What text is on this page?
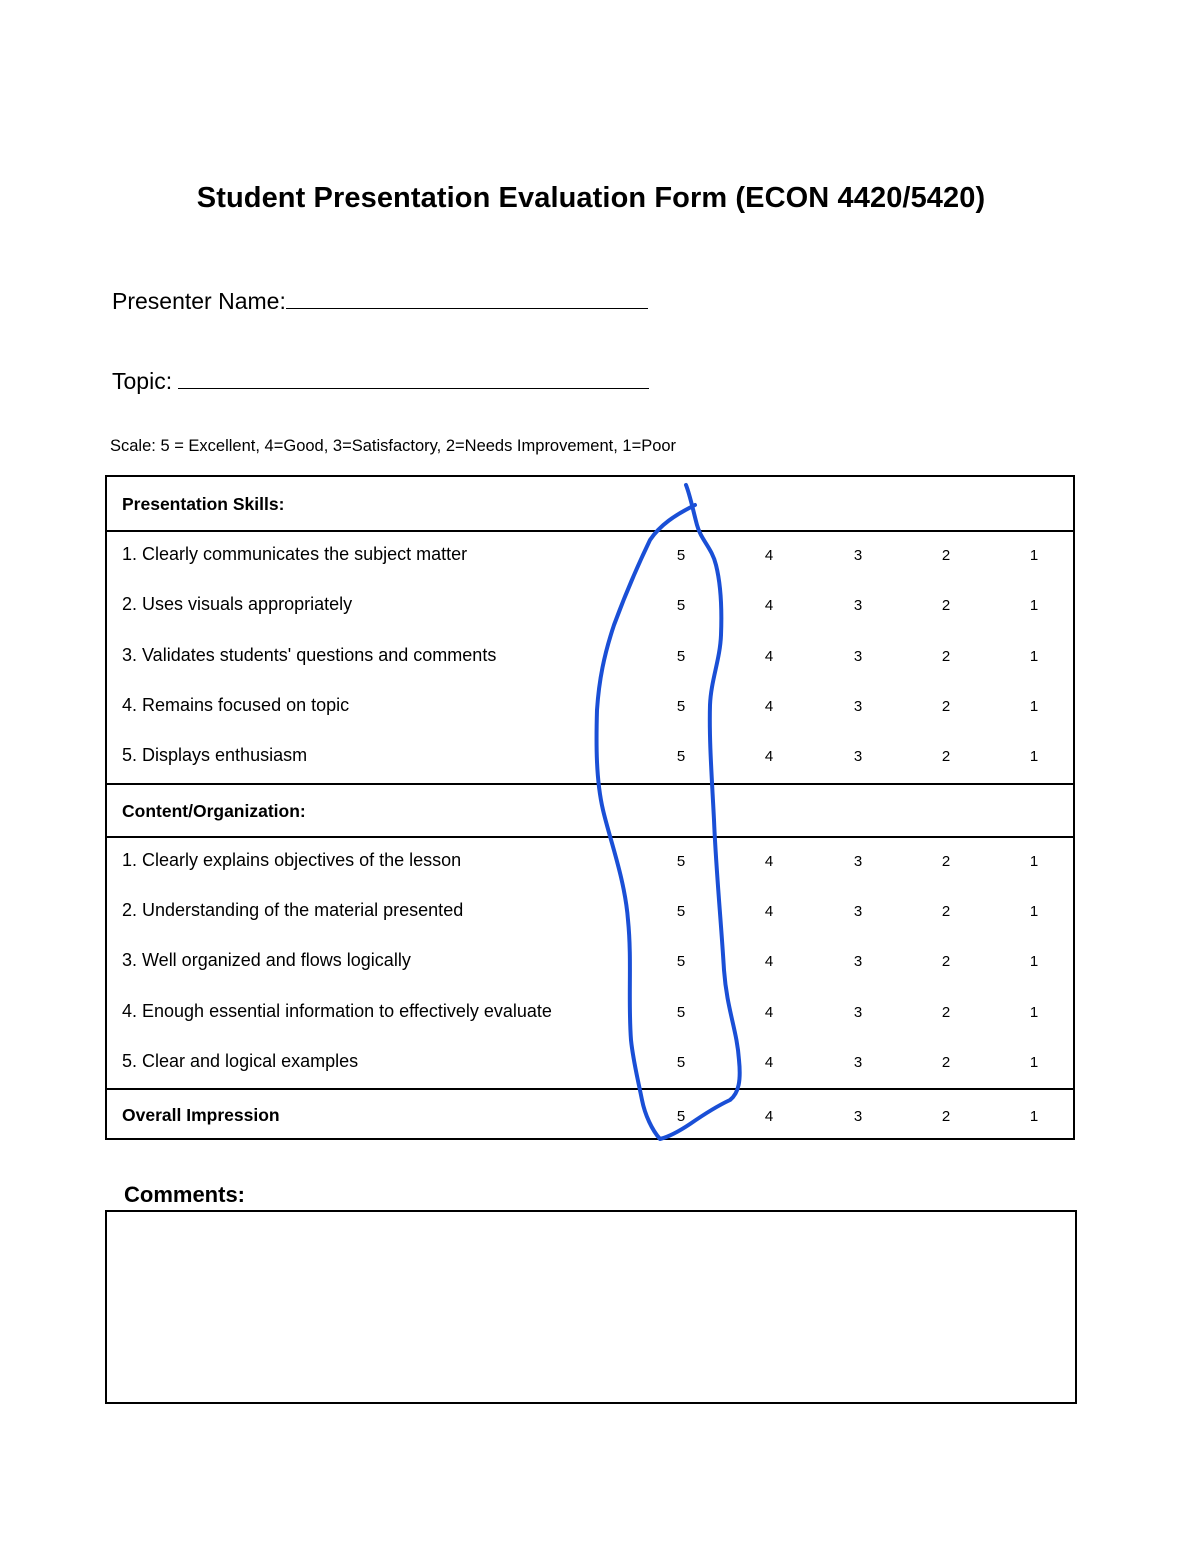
Student Presentation Evaluation Form (ECON 4420/5420)
Presenter Name:
Topic:
Scale: 5 = Excellent, 4=Good, 3=Satisfactory, 2=Needs Improvement, 1=Poor
Presentation Skills:
1. Clearly communicates the subject matter	5	4	3	2	1
2. Uses visuals appropriately	5	4	3	2	1
3. Validates students' questions and comments	5	4	3	2	1
4. Remains focused on topic	5	4	3	2	1
5. Displays enthusiasm	5	4	3	2	1
Content/Organization:
1. Clearly explains objectives of the lesson	5	4	3	2	1
2. Understanding of the material presented	5	4	3	2	1
3. Well organized and flows logically	5	4	3	2	1
4. Enough essential information to effectively evaluate	5	4	3	2	1
5. Clear and logical examples	5	4	3	2	1
Overall Impression	5	4	3	2	1
Comments:
